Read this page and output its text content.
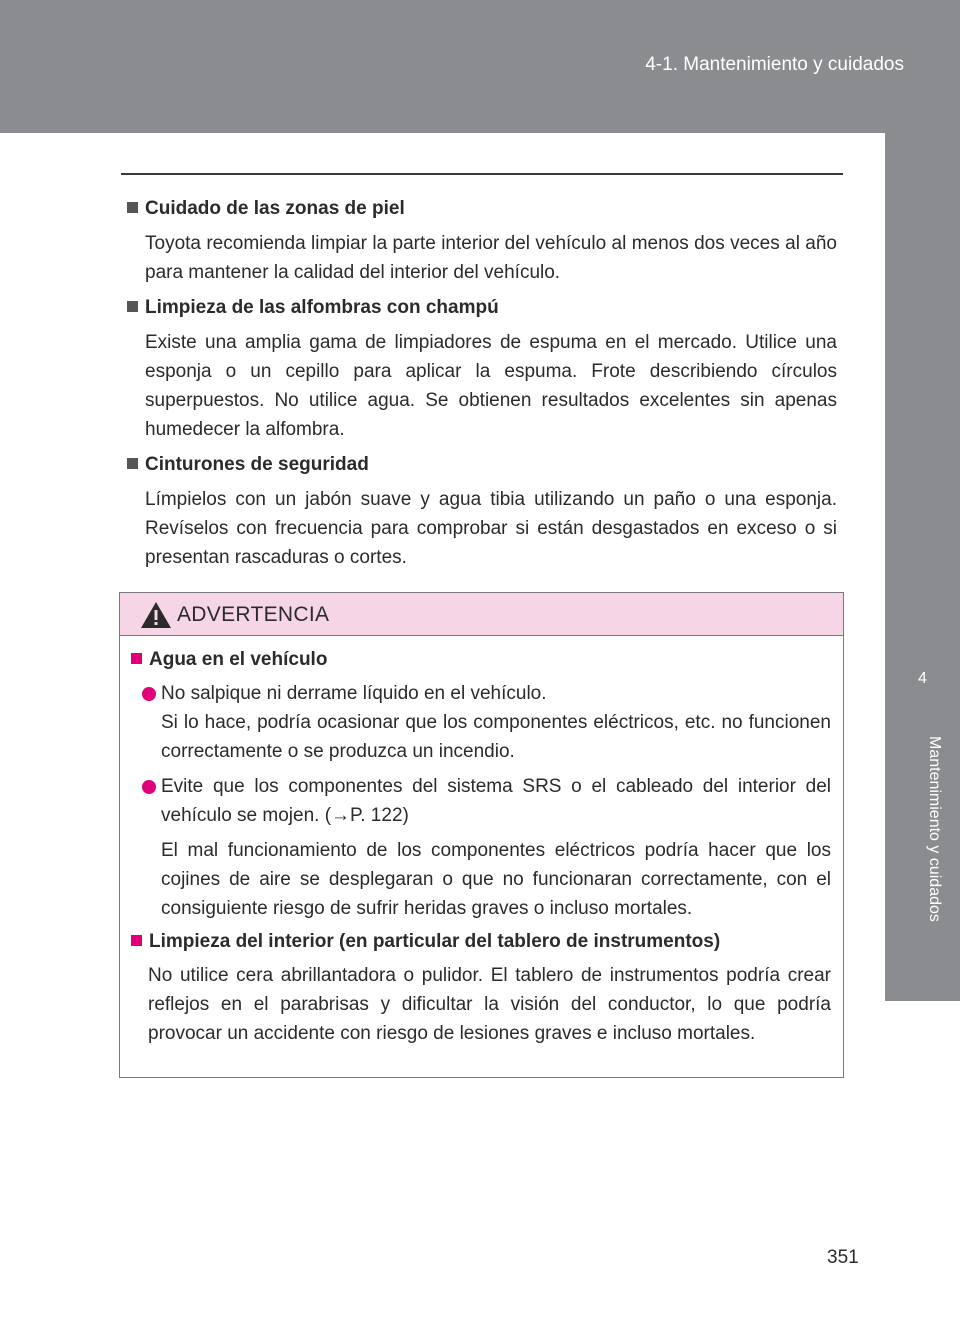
4-1. Mantenimiento y cuidados
4
Mantenimiento y cuidados
Cuidado de las zonas de piel
Toyota recomienda limpiar la parte interior del vehículo al menos dos veces al año para mantener la calidad del interior del vehículo.
Limpieza de las alfombras con champú
Existe una amplia gama de limpiadores de espuma en el mercado. Utilice una esponja o un cepillo para aplicar la espuma. Frote describiendo círculos superpuestos. No utilice agua. Se obtienen resultados excelentes sin apenas humedecer la alfombra.
Cinturones de seguridad
Límpielos con un jabón suave y agua tibia utilizando un paño o una esponja. Revíselos con frecuencia para comprobar si están desgastados en exceso o si presentan rascaduras o cortes.
ADVERTENCIA
Agua en el vehículo
No salpique ni derrame líquido en el vehículo.
Si lo hace, podría ocasionar que los componentes eléctricos, etc. no funcionen correctamente o se produzca un incendio.
Evite que los componentes del sistema SRS o el cableado del interior del vehículo se mojen. (→P. 122)
El mal funcionamiento de los componentes eléctricos podría hacer que los cojines de aire se desplegaran o que no funcionaran correctamente, con el consiguiente riesgo de sufrir heridas graves o incluso mortales.
Limpieza del interior (en particular del tablero de instrumentos)
No utilice cera abrillantadora o pulidor. El tablero de instrumentos podría crear reflejos en el parabrisas y dificultar la visión del conductor, lo que podría provocar un accidente con riesgo de lesiones graves e incluso mortales.
351
